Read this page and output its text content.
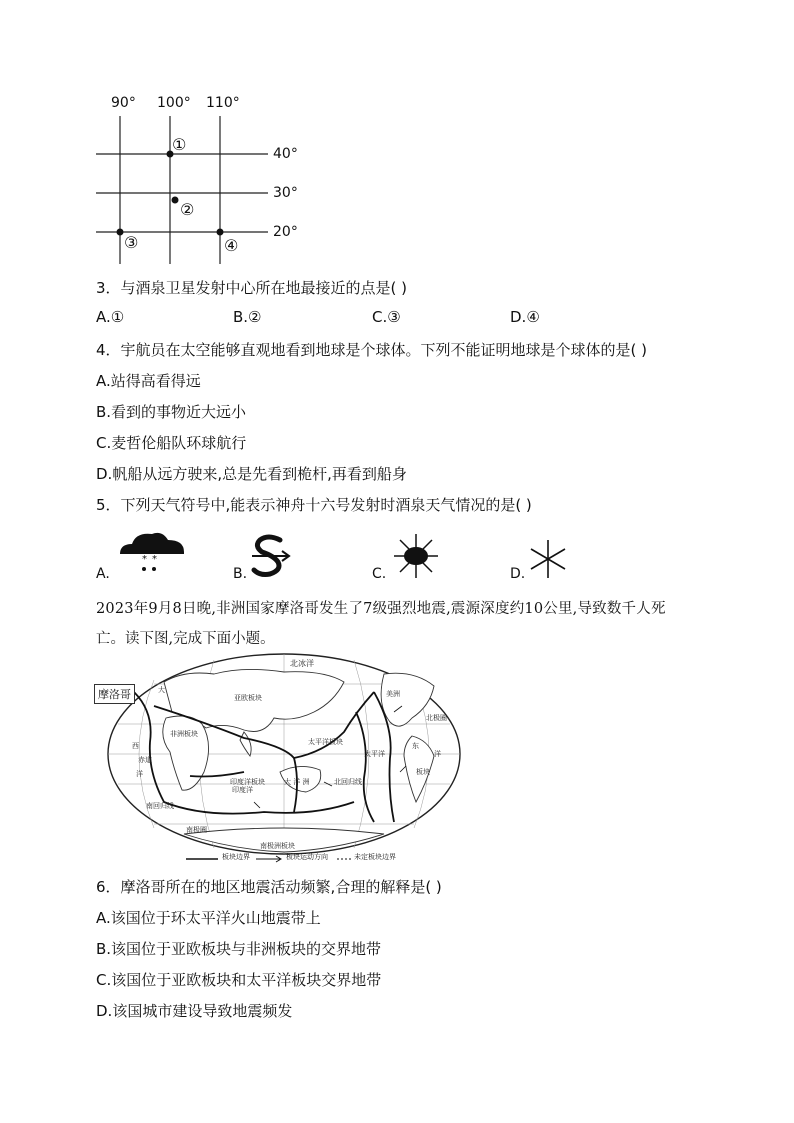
90° 100° 110°
①
②
③	④
40°
30°
20°
3．与酒泉卫星发射中心所在地最接近的点是( )
A.①	B.②	C.③	D.④
4．宇航员在太空能够直观地看到地球是个球体。下列不能证明地球是个球体的是( )
A.站得高看得远
B.看到的事物近大远小
C.麦哲伦船队环球航行
D.帆船从远方驶来,总是先看到桅杆,再看到船身
5．下列天气符号中,能表示神舟十六号发射时酒泉天气情况的是( )
A.
* *
B.	C.	D.
2023年9月8日晚,非洲国家摩洛哥发生了7级强烈地震,震源深度约10公里,导致数千人死
亡。读下图,完成下面小题。
北冰洋
北极圈
亚欧板块
非洲板块
太平洋板块
太平洋
印度洋板块
印度洋
大 洋 洲
南极洲板块
南极圈
南回归线
赤道
西
洋
大	美洲
东
洋
板块
北回归线
摩洛哥
板块边界	板块运动方向	未定板块边界
6．摩洛哥所在的地区地震活动频繁,合理的解释是( )
A.该国位于环太平洋火山地震带上
B.该国位于亚欧板块与非洲板块的交界地带
C.该国位于亚欧板块和太平洋板块交界地带
D.该国城市建设导致地震频发
